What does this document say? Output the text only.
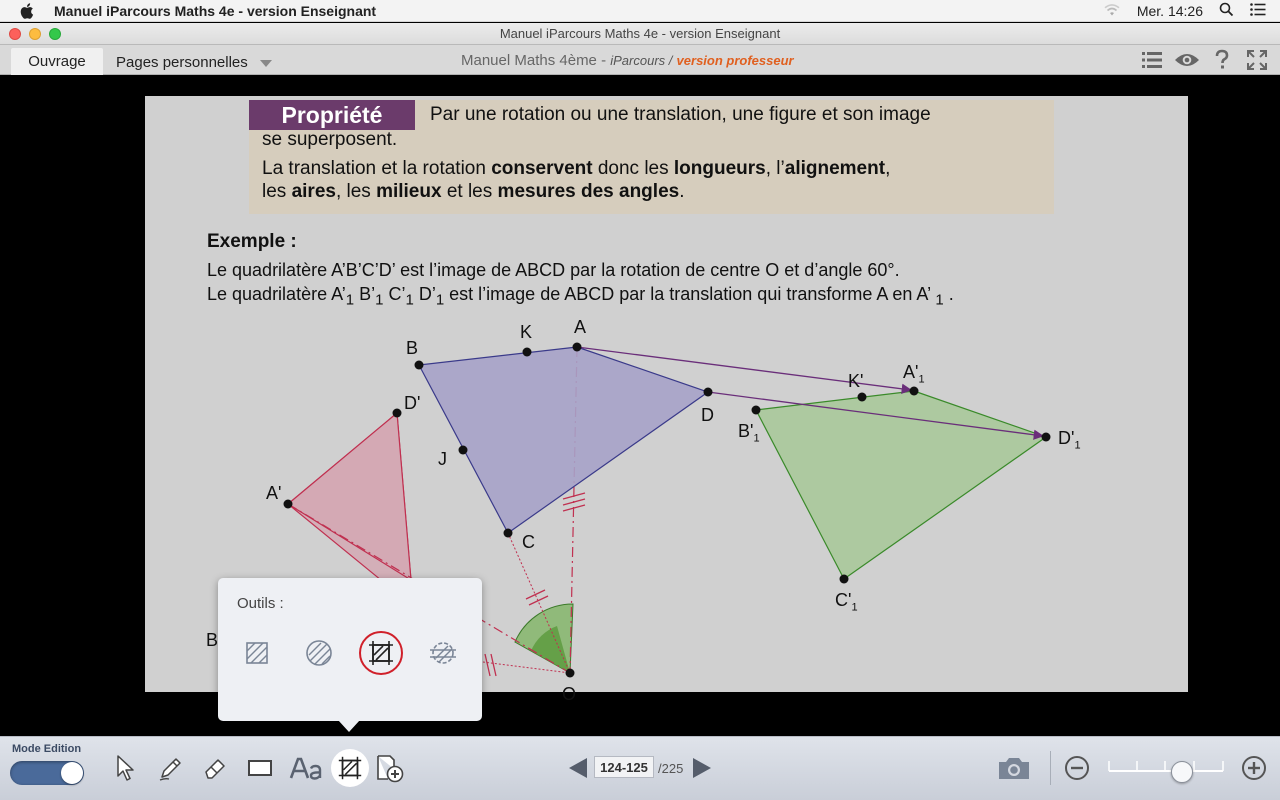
Manuel iParcours Maths 4e - version Enseignant	Mer. 14:26
Manuel iParcours Maths 4e - version Enseignant
Ouvrage	Pages personnelles	Manuel Maths 4ème - iParcours / version professeur
Propriété	Par une rotation ou une translation, une figure et son image
se superposent.
La translation et la rotation conservent donc les longueurs, l’alignement,
les aires, les milieux et les mesures des angles.
Exemple :
Le quadrilatère A’B’C’D’ est l’image de ABCD par la rotation de centre O et d’angle 60°.
Le quadrilatère $A’_1$ $B’_1$ $C’_1$ $D’_1$ est l’image de ABCD par la translation qui transforme A en A’ $_1$ .
A
B
K
D
J
C
D'
A'
B
O
$A'_1$
K'
$B'_1$	$D'_1$
$C'_1$
Outils :
Mode Edition
124-125 /225
